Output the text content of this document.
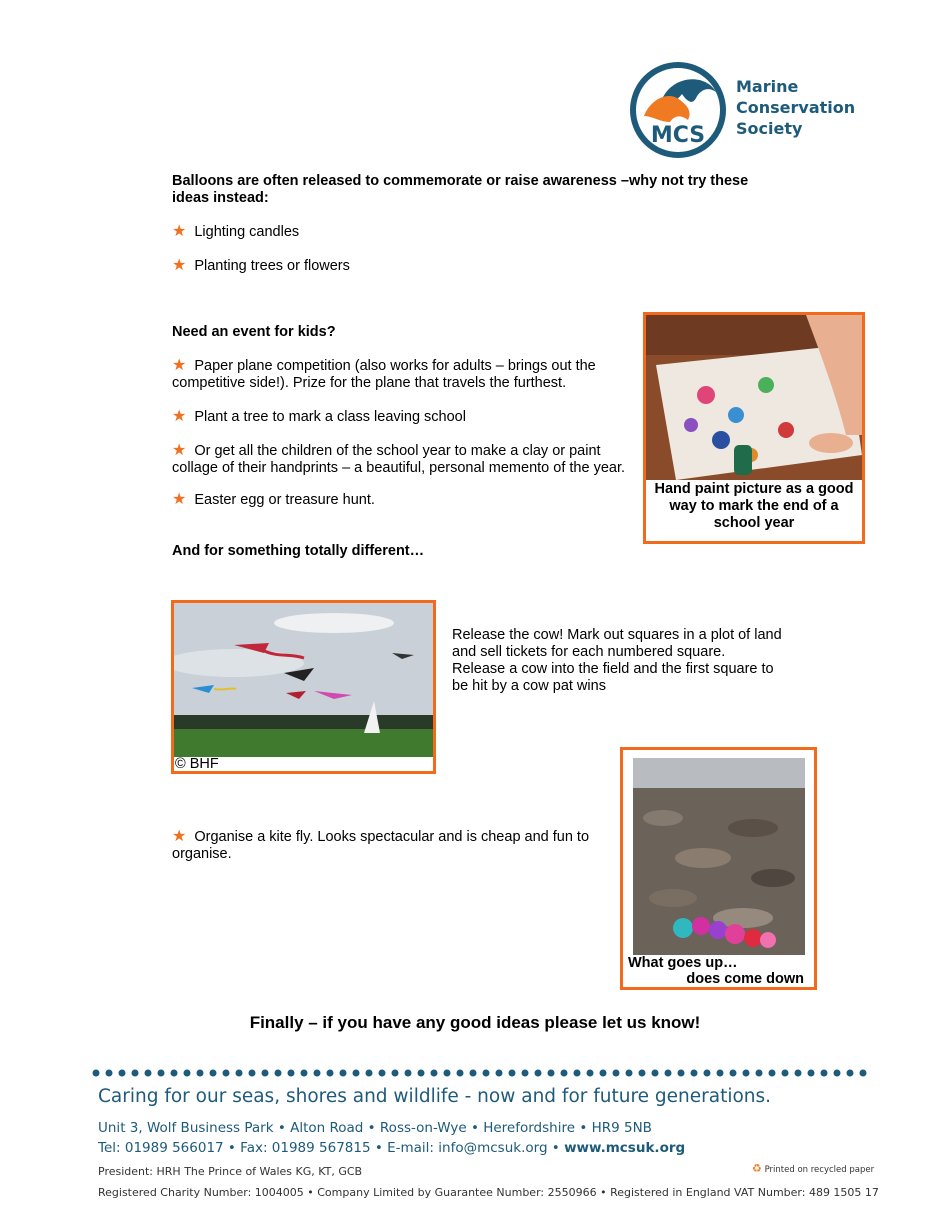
MCS
Marine
Conservation
Society
Balloons are often released to commemorate or raise awareness –why not try these ideas instead:
★ Lighting candles
★ Planting trees or flowers
Need an event for kids?
★ Paper plane competition (also works for adults – brings out the competitive side!). Prize for the plane that travels the furthest.
★ Plant a tree to mark a class leaving school
★ Or get all the children of the school year to make a clay or paint collage of their handprints – a beautiful, personal memento of the year.
★ Easter egg or treasure hunt.
Hand paint picture as a good way to mark the end of a school year
And for something totally different…
© BHF
Release the cow! Mark out squares in a plot of land and sell tickets for each numbered square. Release a cow into the field and the first square to be hit by a cow pat wins
★ Organise a kite fly. Looks spectacular and is cheap and fun to organise.
What goes up…
does come down
Finally – if you have any good ideas please let us know!
Caring for our seas, shores and wildlife - now and for future generations.
Unit 3, Wolf Business Park • Alton Road • Ross-on-Wye • Herefordshire • HR9 5NB
Tel: 01989 566017 • Fax: 01989 567815 • E-mail: info@mcsuk.org • www.mcsuk.org
President: HRH The Prince of Wales KG, KT, GCB	♻ Printed on recycled paper
Registered Charity Number: 1004005 • Company Limited by Guarantee Number: 2550966 • Registered in England VAT Number: 489 1505 17
